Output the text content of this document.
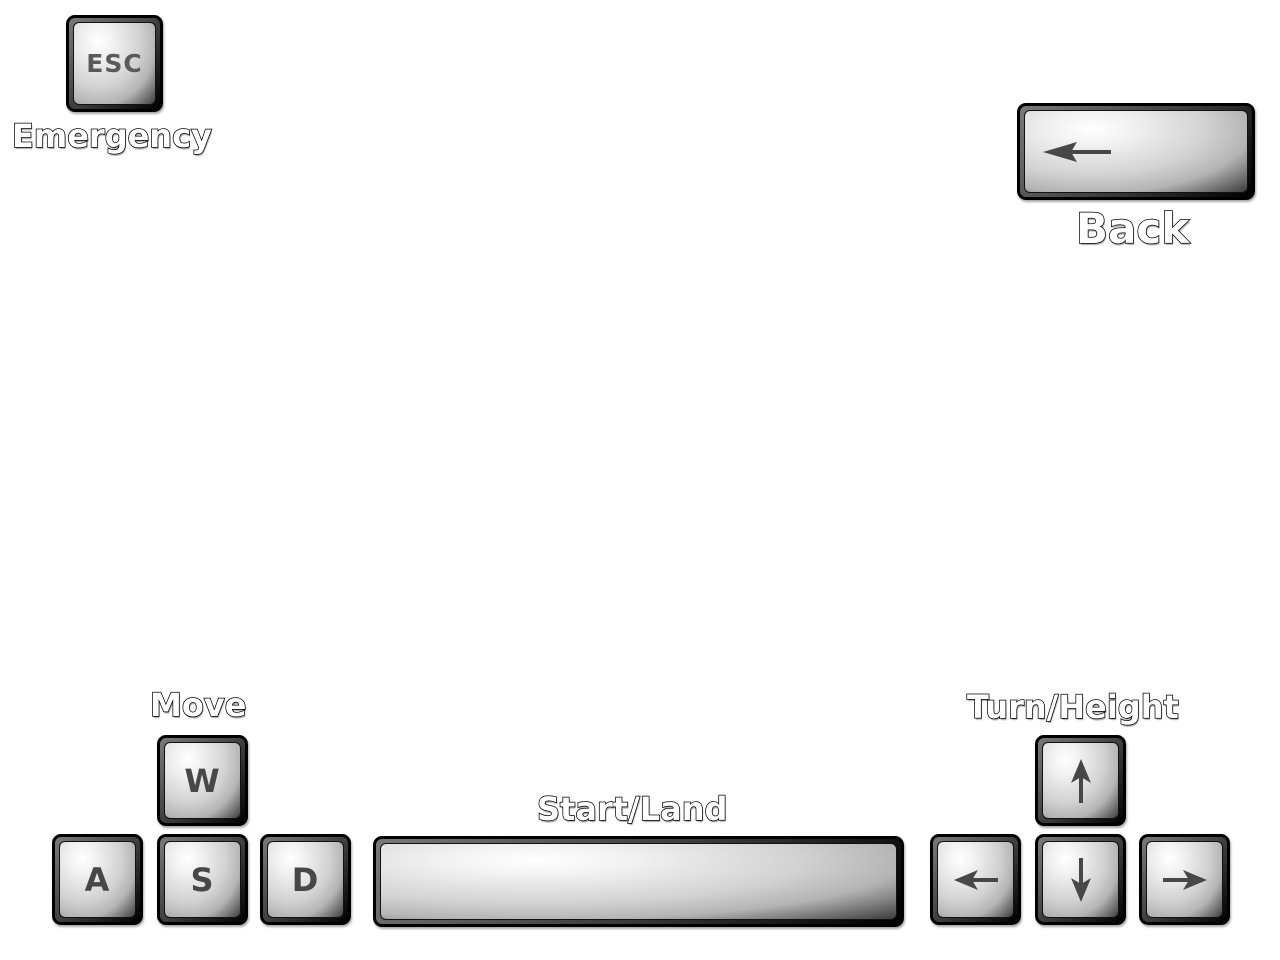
ESC
Emergency
Back
Move
W
A	S D
Start/Land
Turn/Height
